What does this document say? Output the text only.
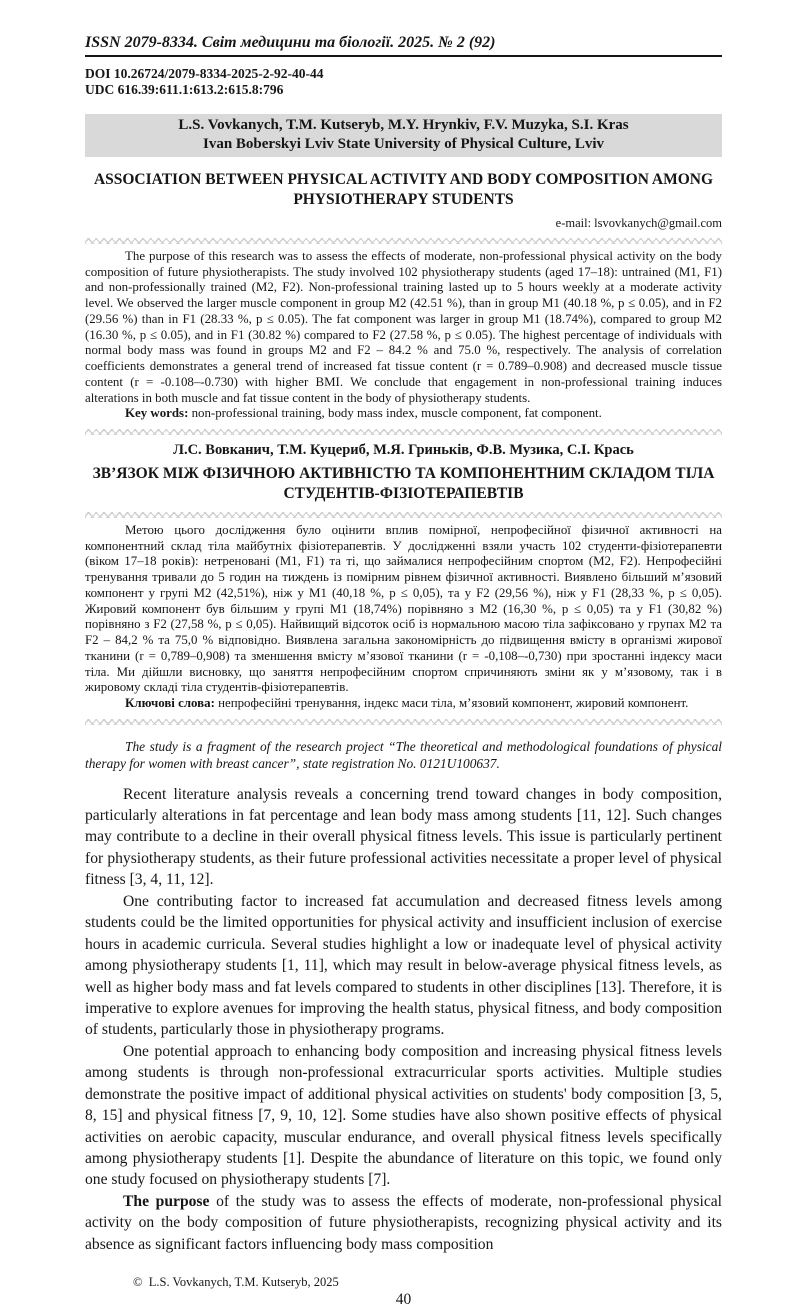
ISSN 2079-8334. Світ медицини та біології. 2025. № 2 (92)
DOI 10.26724/2079-8334-2025-2-92-40-44
UDC 616.39:611.1:613.2:615.8:796
L.S. Vovkanych, T.M. Kutseryb, M.Y. Hrynkiv, F.V. Muzyka, S.I. Kras
Ivan Boberskyi Lviv State University of Physical Culture, Lviv
ASSOCIATION BETWEEN PHYSICAL ACTIVITY AND BODY COMPOSITION AMONG PHYSIOTHERAPY STUDENTS
e-mail: lsvovkanych@gmail.com

The purpose of this research was to assess the effects of moderate, non-professional physical activity on the body composition of future physiotherapists. The study involved 102 physiotherapy students (aged 17–18): untrained (M1, F1) and non-professionally trained (M2, F2). Non-professional training lasted up to 5 hours weekly at a moderate activity level. We observed the larger muscle component in group M2 (42.51 %), than in group M1 (40.18 %, p ≤ 0.05), and in F2 (29.56 %) than in F1 (28.33 %, p ≤ 0.05). The fat component was larger in group M1 (18.74%), compared to group M2 (16.30 %, p ≤ 0.05), and in F1 (30.82 %) compared to F2 (27.58 %, p ≤ 0.05). The highest percentage of individuals with normal body mass was found in groups M2 and F2 – 84.2 % and 75.0 %, respectively. The analysis of correlation coefficients demonstrates a general trend of increased fat tissue content (r = 0.789–0.908) and decreased muscle tissue content (r = -0.108–-0.730) with higher BMI. We conclude that engagement in non-professional training induces alterations in both muscle and fat tissue content in the body of physiotherapy students.

Key words: non-professional training, body mass index, muscle component, fat component.

Л.С. Вовканич, Т.М. Куцериб, М.Я. Гриньків, Ф.В. Музика, С.І. Крась
ЗВ’ЯЗОК МІЖ ФІЗИЧНОЮ АКТИВНІСТЮ ТА КОМПОНЕНТНИМ СКЛАДОМ ТІЛА СТУДЕНТІВ-ФІЗІОТЕРАПЕВТІВ

Метою цього дослідження було оцінити вплив помірної, непрофесійної фізичної активності на компонентний склад тіла майбутніх фізіотерапевтів. У дослідженні взяли участь 102 студенти-фізіотерапевти (віком 17–18 років): нетреновані (М1, F1) та ті, що займалися непрофесійним спортом (М2, F2). Непрофесійні тренування тривали до 5 годин на тиждень із помірним рівнем фізичної активності. Виявлено більший м’язовий компонент у групі М2 (42,51%), ніж у М1 (40,18 %, p ≤ 0,05), та у F2 (29,56 %), ніж у F1 (28,33 %, p ≤ 0,05). Жировий компонент був більшим у групі М1 (18,74%) порівняно з М2 (16,30 %, p ≤ 0,05) та у F1 (30,82 %) порівняно з F2 (27,58 %, p ≤ 0,05). Найвищий відсоток осіб із нормальною масою тіла зафіксовано у групах М2 та F2 – 84,2 % та 75,0 % відповідно. Виявлена загальна закономірність до підвищення вмісту в організмі жирової тканини (r = 0,789–0,908) та зменшення вмісту м’язової тканини (r = -0,108–-0,730) при зростанні індексу маси тіла. Ми дійшли висновку, що заняття непрофесійним спортом спричиняють зміни як у м’язовому, так і в жировому складі тіла студентів-фізіотерапевтів.

Ключові слова: непрофесійні тренування, індекс маси тіла, м’язовий компонент, жировий компонент.

The study is a fragment of the research project “The theoretical and methodological foundations of physical therapy for women with breast cancer”, state registration No. 0121U100637.

Recent literature analysis reveals a concerning trend toward changes in body composition, particularly alterations in fat percentage and lean body mass among students [11, 12]. Such changes may contribute to a decline in their overall physical fitness levels. This issue is particularly pertinent for physiotherapy students, as their future professional activities necessitate a proper level of physical fitness [3, 4, 11, 12].

One contributing factor to increased fat accumulation and decreased fitness levels among students could be the limited opportunities for physical activity and insufficient inclusion of exercise hours in academic curricula. Several studies highlight a low or inadequate level of physical activity among physiotherapy students [1, 11], which may result in below-average physical fitness levels, as well as higher body mass and fat levels compared to students in other disciplines [13]. Therefore, it is imperative to explore avenues for improving the health status, physical fitness, and body composition of students, particularly those in physiotherapy programs.

One potential approach to enhancing body composition and increasing physical fitness levels among students is through non-professional extracurricular sports activities. Multiple studies demonstrate the positive impact of additional physical activities on students' body composition [3, 5, 8, 15] and physical fitness [7, 9, 10, 12]. Some studies have also shown positive effects of physical activities on aerobic capacity, muscular endurance, and overall physical fitness levels specifically among physiotherapy students [1]. Despite the abundance of literature on this topic, we found only one study focused on physiotherapy students [7].

The purpose of the study was to assess the effects of moderate, non-professional physical activity on the body composition of future physiotherapists, recognizing physical activity and its absence as significant factors influencing body mass composition

©  L.S. Vovkanych, T.M. Kutseryb, 2025
40
